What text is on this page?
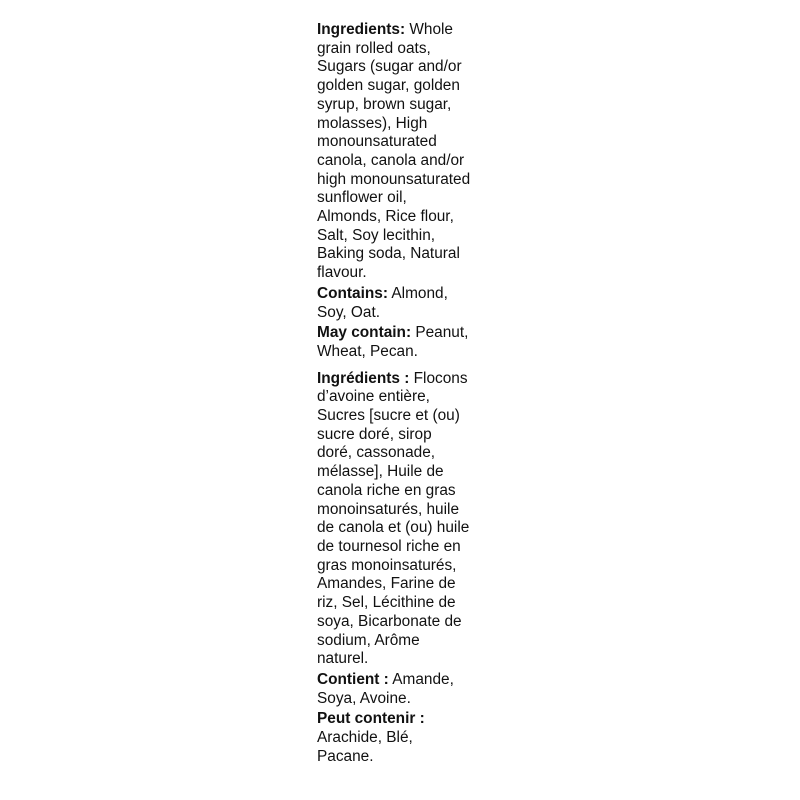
Ingredients: Whole
grain rolled oats,
Sugars (sugar and/or
golden sugar, golden
syrup, brown sugar,
molasses), High
monounsaturated
canola, canola and/or
high monounsaturated
sunflower oil,
Almonds, Rice flour,
Salt, Soy lecithin,
Baking soda, Natural
flavour.
Contains: Almond,
Soy, Oat.
May contain: Peanut,
Wheat, Pecan.
Ingrédients : Flocons
d’avoine entière,
Sucres [sucre et (ou)
sucre doré, sirop
doré, cassonade,
mélasse], Huile de
canola riche en gras
monoinsaturés, huile
de canola et (ou) huile
de tournesol riche en
gras monoinsaturés,
Amandes, Farine de
riz, Sel, Lécithine de
soya, Bicarbonate de
sodium, Arôme
naturel.
Contient : Amande,
Soya, Avoine.
Peut contenir :
Arachide, Blé,
Pacane.
